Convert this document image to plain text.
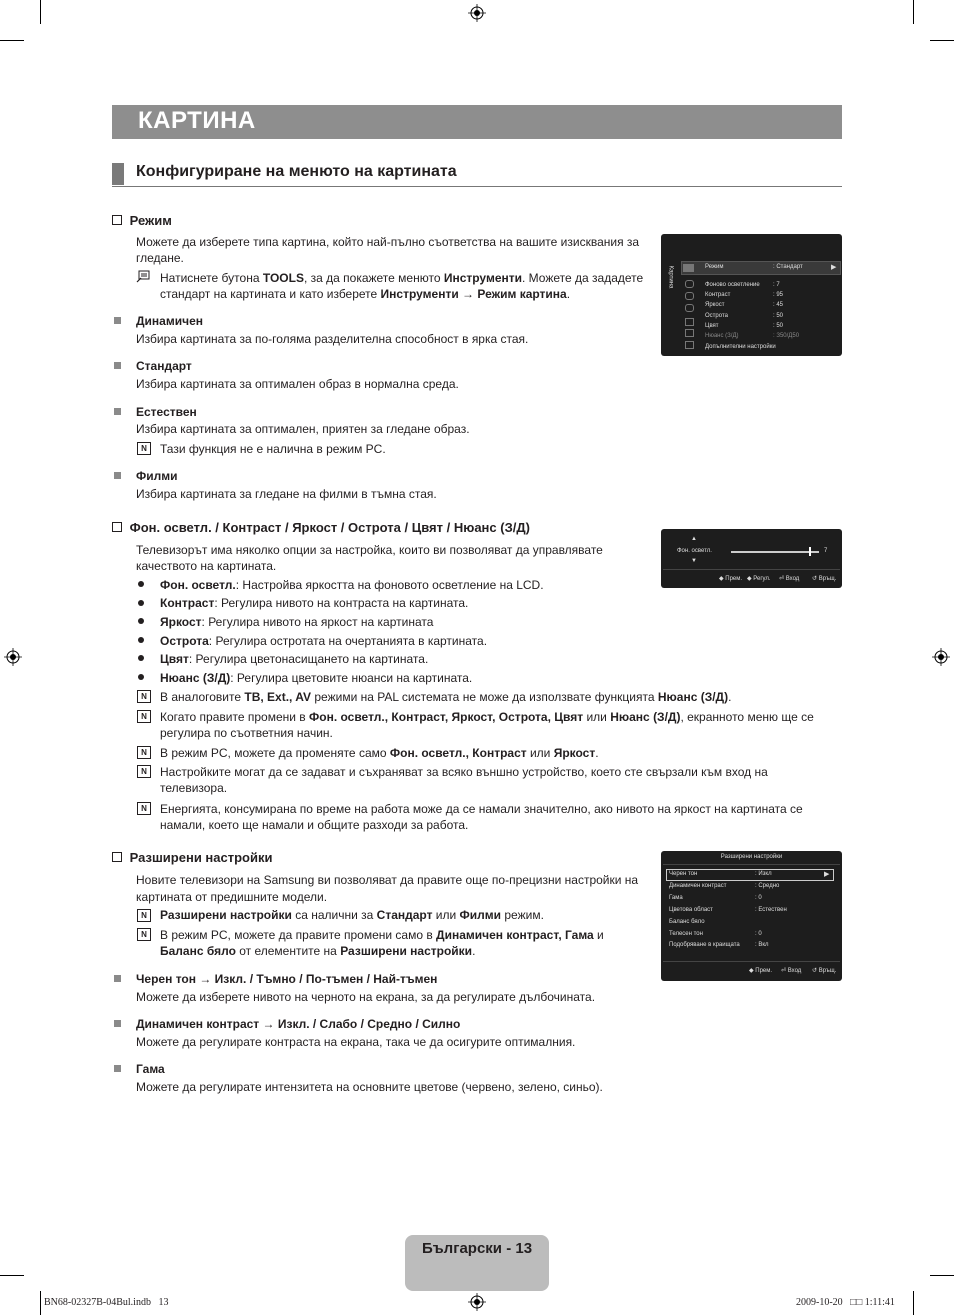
КАРТИНА
Конфигуриране на менюто на картината
Режим
Можете да изберете типа картина, който най-пълно съответства на вашите изисквания за гледане.
Натиснете бутона TOOLS, за да покажете менюто Инструменти. Можете да зададете
стандарт на картината и като изберете Инструменти → Режим картина.
Динамичен
Избира картината за по-голяма разделителна способност в ярка стая.
Стандарт
Избира картината за оптимален образ в нормална среда.
Естествен
Избира картината за оптимален, приятен за гледане образ.
N	Тази функция не е налична в режим PC.
Филми
Избира картината за гледане на филми в тъмна стая.
Картина	Режим	: Стандарт	▶
Фоново осветление : 7
Контраст	: 95
Яркост	: 45
Острота	: 50
Цвят	: 50
Нюанс (З/Д)	: З50/Д50
Допълнителни настройки
Фон. осветл. / Контраст / Яркост / Острота / Цвят / Нюанс (З/Д)
Телевизорът има няколко опции за настройка, които ви позволяват да управлявате
качеството на картината.
Фон. осветл.: Настройва яркостта на фоновото осветление на LCD.
Контраст: Регулира нивото на контраста на картината.
Яркост: Регулира нивото на яркост на картината
Острота: Регулира остротата на очертанията в картината.
Цвят: Регулира цветонасищането на картината.
Нюанс (З/Д): Регулира цветовите нюанси на картината.
N	В аналоговите TB, Ext., AV режими на PAL системата не може да използвате функцията Нюанс (З/Д).
N	Когато правите промени в Фон. осветл., Контраст, Яркост, Острота, Цвят или Нюанс (З/Д), екранното меню ще се
регулира по съответния начин.
N	В режим PC, можете да променяте само Фон. осветл., Контраст или Яркост.
N	Настройките могат да се задават и съхраняват за всяко външно устройство, което сте свързали към вход на
телевизора.
N	Енергията, консумирана по време на работа може да се намали значително, ако нивото на яркост на картината се
намали, което ще намали и общите разходи за работа.
▲
Фон. осветл.	7
▼
◆ Прем. ◆ Регул. ⏎ Вход ↺ Връщ.
Разширени настройки
Новите телевизори на Samsung ви позволяват да правите още по-прецизни настройки на
картината от предишните модели.
N	Разширени настройки са налични за Стандарт или Филми режим.
N	В режим PC, можете да правите промени само в Динамичен контраст, Гама и
Баланс бяло от елементите на Разширени настройки.
Черен тон → Изкл. / Тъмно / По-тъмен / Най-тъмен
Можете да изберете нивото на черното на екрана, за да регулирате дълбочината.
Динамичен контраст → Изкл. / Слабо / Средно / Силно
Можете да регулирате контраста на екрана, така че да осигурите оптималния.
Гама
Можете да регулирате интензитета на основните цветове (червено, зелено, синьо).
Разширени настройки
Черен тон	: Изкл	▶
Динамичен контраст	: Средно
Гама	: 0
Цветова област	: Естествен
Баланс бяло
Телесен тон	: 0
Подобряване в краищата	: Вкл
◆ Прем. ⏎ Вход ↺ Връщ.
Български - 13
BN68-02327B-04Bul.indb   13	2009-10-20   □□ 1:11:41
